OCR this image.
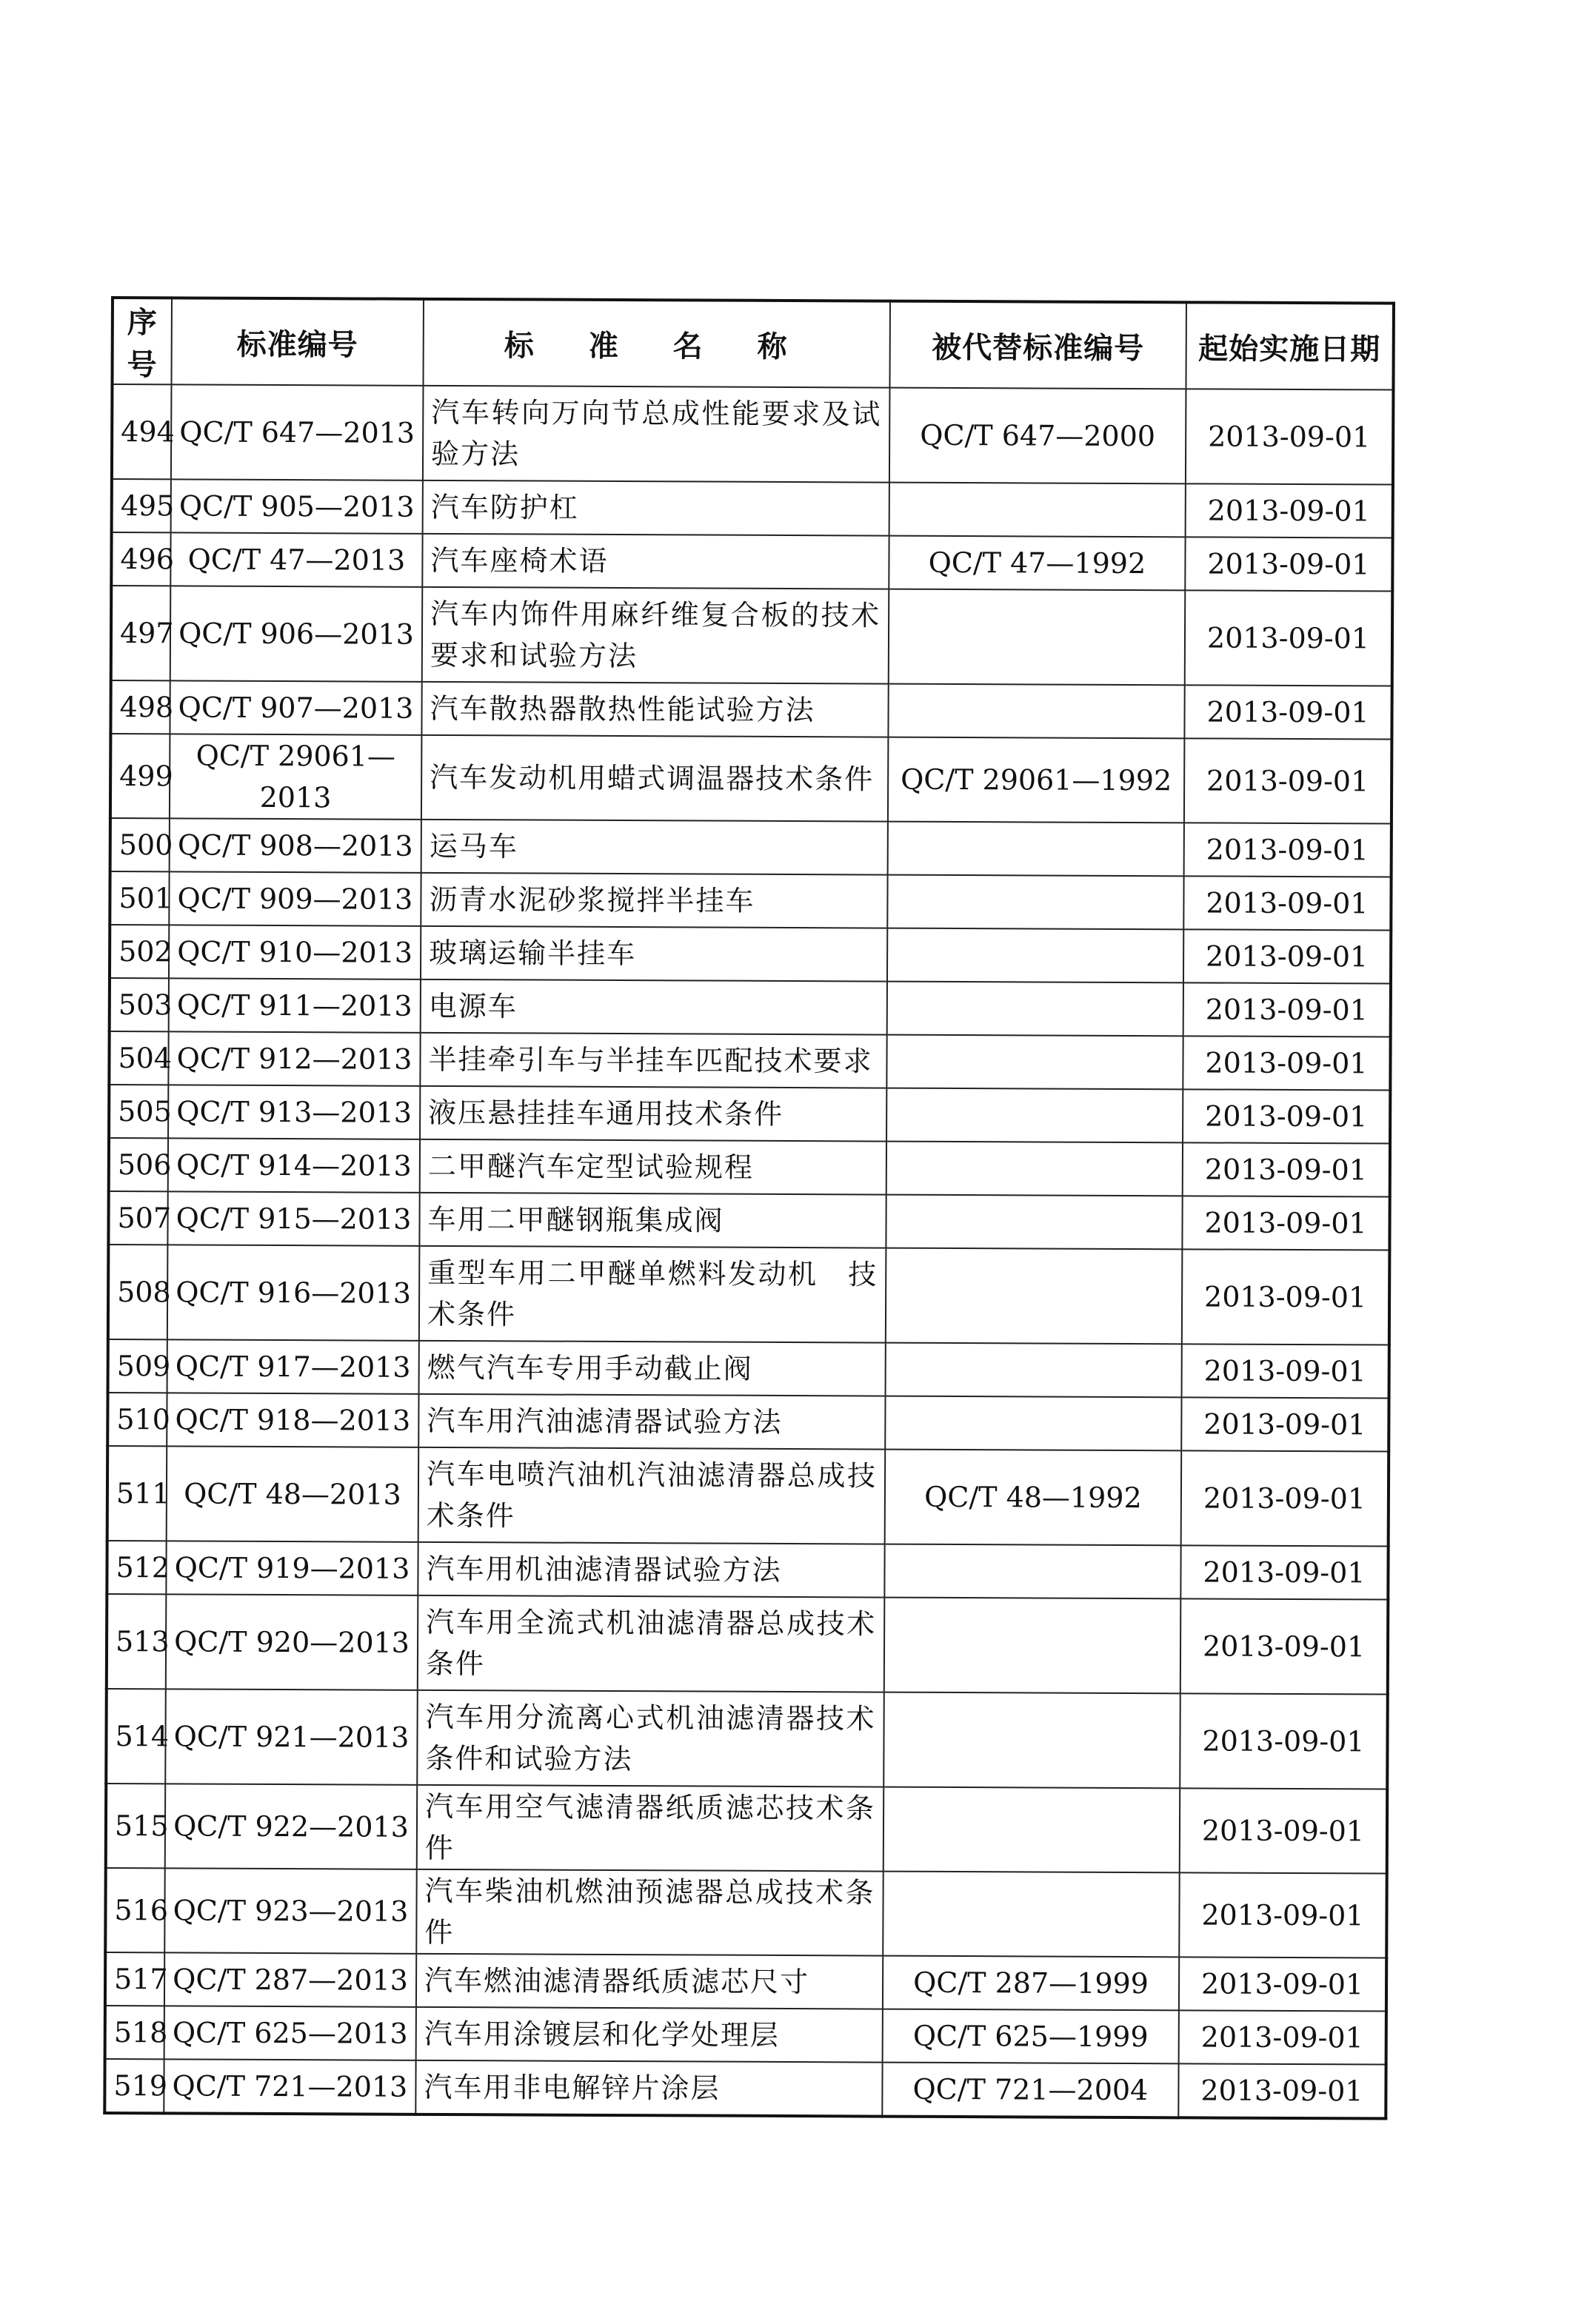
序号	标准编号	标 准 名 称	被代替标准编号	起始实施日期
494	QC/T 647—2013	汽车转向万向节总成性能要求及试验方法	QC/T 647—2000	2013-09-01
495	QC/T 905—2013	汽车防护杠		2013-09-01
496	QC/T 47—2013	汽车座椅术语	QC/T 47—1992	2013-09-01
497	QC/T 906—2013	汽车内饰件用麻纤维复合板的技术要求和试验方法		2013-09-01
498	QC/T 907—2013	汽车散热器散热性能试验方法		2013-09-01
499	QC/T 29061—2013	汽车发动机用蜡式调温器技术条件	QC/T 29061—1992	2013-09-01
500	QC/T 908—2013	运马车		2013-09-01
501	QC/T 909—2013	沥青水泥砂浆搅拌半挂车		2013-09-01
502	QC/T 910—2013	玻璃运输半挂车		2013-09-01
503	QC/T 911—2013	电源车		2013-09-01
504	QC/T 912—2013	半挂牵引车与半挂车匹配技术要求		2013-09-01
505	QC/T 913—2013	液压悬挂挂车通用技术条件		2013-09-01
506	QC/T 914—2013	二甲醚汽车定型试验规程		2013-09-01
507	QC/T 915—2013	车用二甲醚钢瓶集成阀		2013-09-01
508	QC/T 916—2013	重型车用二甲醚单燃料发动机　技术条件		2013-09-01
509	QC/T 917—2013	燃气汽车专用手动截止阀		2013-09-01
510	QC/T 918—2013	汽车用汽油滤清器试验方法		2013-09-01
511	QC/T 48—2013	汽车电喷汽油机汽油滤清器总成技术条件	QC/T 48—1992	2013-09-01
512	QC/T 919—2013	汽车用机油滤清器试验方法		2013-09-01
513	QC/T 920—2013	汽车用全流式机油滤清器总成技术条件		2013-09-01
514	QC/T 921—2013	汽车用分流离心式机油滤清器技术条件和试验方法		2013-09-01
515	QC/T 922—2013	汽车用空气滤清器纸质滤芯技术条件		2013-09-01
516	QC/T 923—2013	汽车柴油机燃油预滤器总成技术条件		2013-09-01
517	QC/T 287—2013	汽车燃油滤清器纸质滤芯尺寸	QC/T 287—1999	2013-09-01
518	QC/T 625—2013	汽车用涂镀层和化学处理层	QC/T 625—1999	2013-09-01
519	QC/T 721—2013	汽车用非电解锌片涂层	QC/T 721—2004	2013-09-01
